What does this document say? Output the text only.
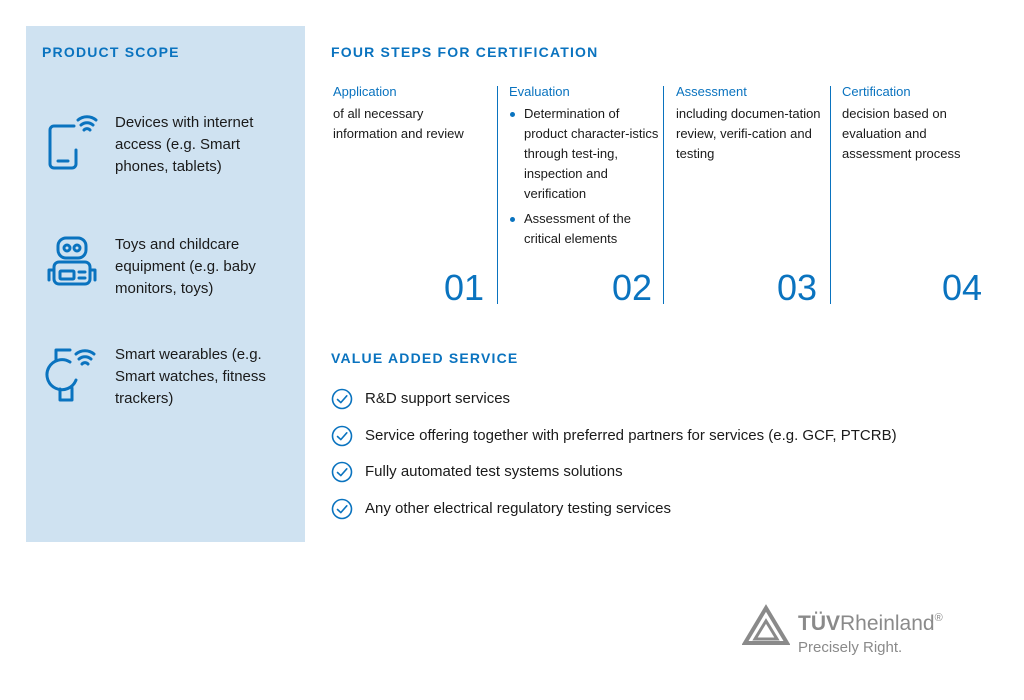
PRODUCT SCOPE
Devices with internet access (e.g. Smart phones, tablets)
Toys and childcare equipment (e.g. baby monitors, toys)
Smart wearables (e.g. Smart watches, fitness trackers)
FOUR STEPS FOR CERTIFICATION
Application
of all necessary information and review
01
Evaluation
Determination of product character-istics through test-ing, inspection and verification
Assessment of the critical elements
02
Assessment
including documen-tation review, verifi-cation and testing
03
Certification
decision based on evaluation and assessment process
04
VALUE ADDED SERVICE
R&D support services
Service offering together with preferred partners for services (e.g. GCF, PTCRB)
Fully automated test systems solutions
Any other electrical regulatory testing services
TÜVRheinland®
Precisely Right.
